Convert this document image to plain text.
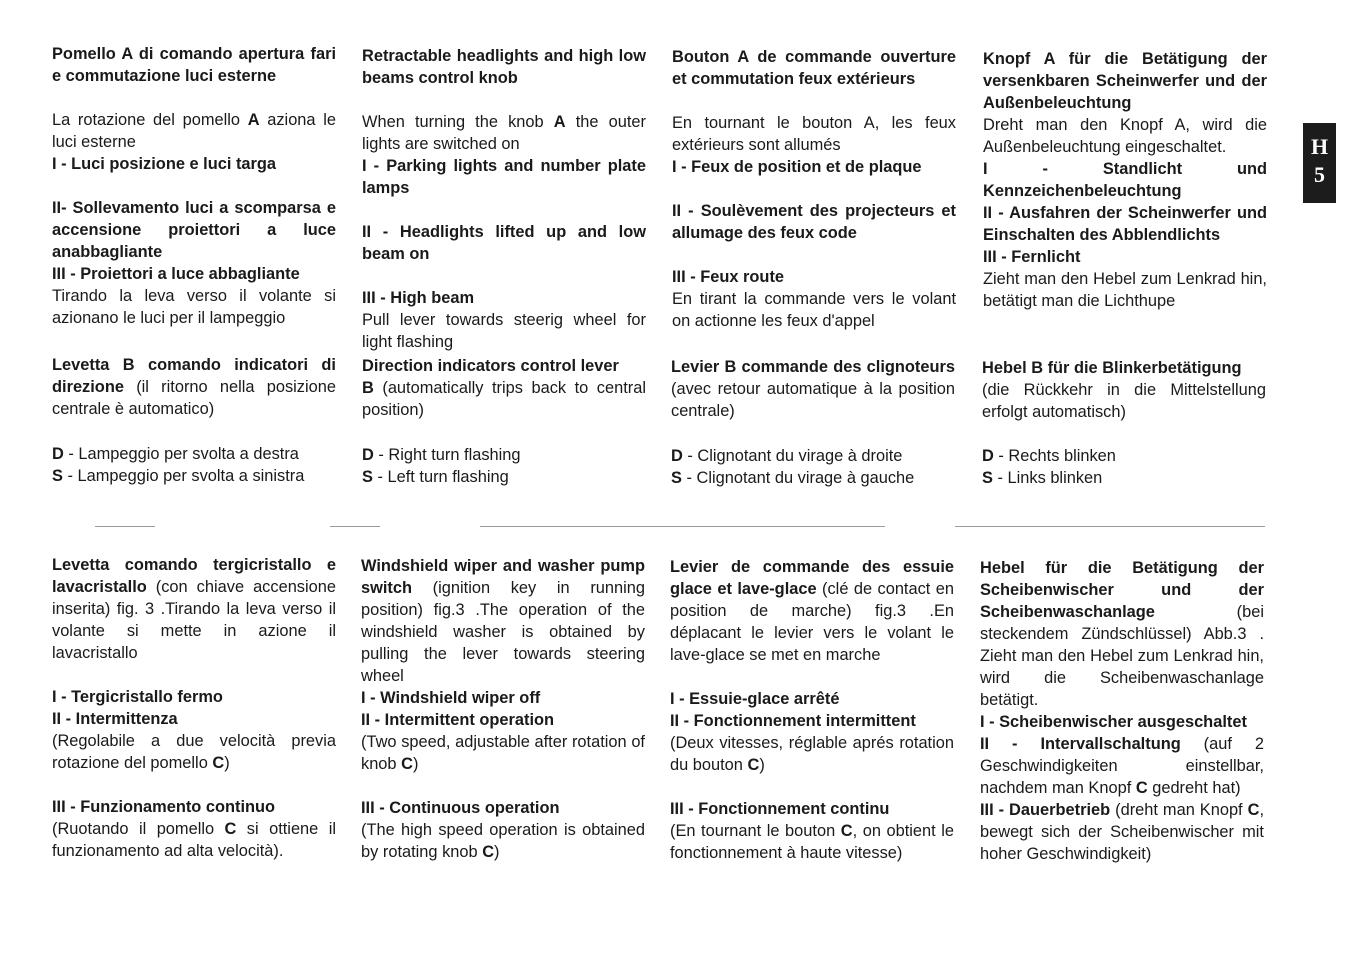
Pomello A di comando apertura fari e commutazione luci esterne

La rotazione del pomello A aziona le luci esterne

I - Luci posizione e luci targa

II- Sollevamento luci a scomparsa e accensione proiettori a luce anabbagliante

III - Proiettori a luce abbagliante

Tirando la leva verso il volante si azionano le luci per il lampeggio

Levetta B comando indicatori di direzione (il ritorno nella posizione centrale è automatico)

D - Lampeggio per svolta a destra

S - Lampeggio per svolta a sinistra

Levetta comando tergicristallo e lavacristallo (con chiave accensione inserita) fig. 3 .Tirando la leva verso il volante si mette in azione il lavacristallo

I - Tergicristallo fermo

II - Intermittenza

(Regolabile a due velocità previa rotazione del pomello C)

III - Funzionamento continuo

(Ruotando il pomello C si ottiene il funzionamento ad alta velocità).

Retractable headlights and high low beams control knob

When turning the knob A the outer lights are switched on

I - Parking lights and number plate lamps

II - Headlights lifted up and low beam on

III - High beam

Pull lever towards steerig wheel for light flashing

Direction indicators control lever

B (automatically trips back to central position)

D - Right turn flashing

S - Left turn flashing

Windshield wiper and washer pump switch (ignition key in running position) fig.3 .The operation of the windshield washer is obtained by pulling the lever towards steering wheel

I - Windshield wiper off

II - Intermittent operation

(Two speed, adjustable after rotation of knob C)

III - Continuous operation

(The high speed operation is obtained by rotating knob C)

Bouton A de commande ouverture et commutation feux extérieurs

En tournant le bouton A, les feux extérieurs sont allumés

I - Feux de position et de plaque

II - Soulèvement des projecteurs et allumage des feux code

III - Feux route

En tirant la commande vers le volant on actionne les feux d'appel

Levier B commande des clignoteurs (avec retour automatique à la position centrale)

D - Clignotant du virage à droite

S - Clignotant du virage à gauche

Levier de commande des essuie glace et lave-glace (clé de contact en position de marche) fig.3 .En déplacant le levier vers le volant le lave-glace se met en marche

I - Essuie-glace arrêté

II - Fonctionnement intermittent

(Deux vitesses, réglable aprés rotation du bouton C)

III - Fonctionnement continu

(En tournant le bouton C, on obtient le fonctionnement à haute vitesse)

Knopf A für die Betätigung der versenkbaren Scheinwerfer und der Außenbeleuchtung

Dreht man den Knopf A, wird die Außenbeleuchtung eingeschaltet.

I - Standlicht und Kennzeichenbeleuchtung

II - Ausfahren der Scheinwerfer und Einschalten des Abblendlichts

III - Fernlicht

Zieht man den Hebel zum Lenkrad hin, betätigt man die Lichthupe

Hebel B für die Blinkerbetätigung

(die Rückkehr in die Mittelstellung erfolgt automatisch)

D - Rechts blinken

S - Links blinken

Hebel für die Betätigung der Scheibenwischer und der Scheibenwaschanlage (bei steckendem Zündschlüssel) Abb.3 . Zieht man den Hebel zum Lenkrad hin, wird die Scheibenwaschanlage betätigt.

I - Scheibenwischer ausgeschaltet

II - Intervallschaltung (auf 2 Geschwindigkeiten einstellbar, nachdem man Knopf C gedreht hat)

III - Dauerbetrieb (dreht man Knopf C, bewegt sich der Scheibenwischer mit hoher Geschwindigkeit)

H
5
